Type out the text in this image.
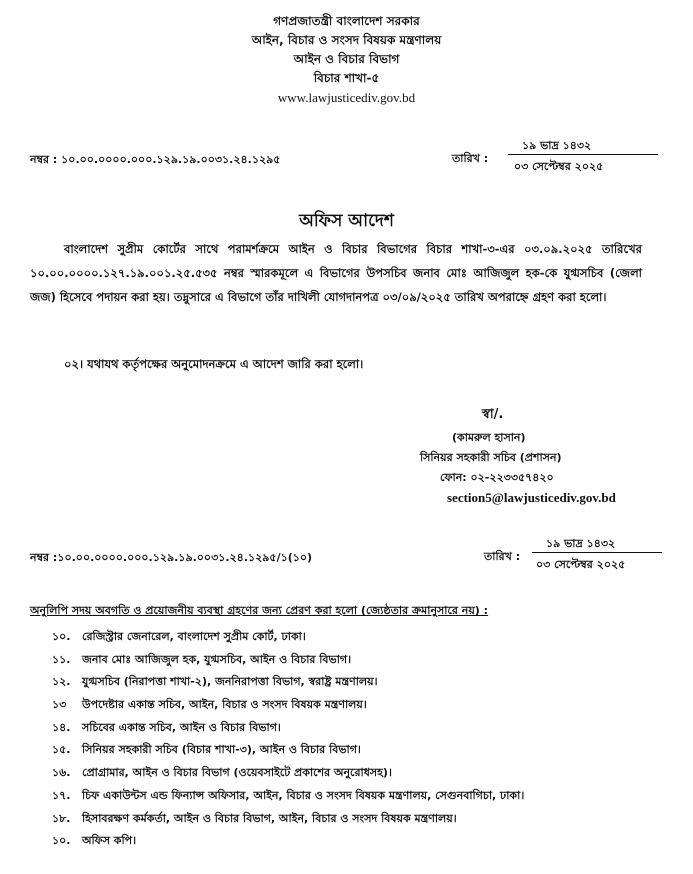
গণপ্রজাতন্ত্রী বাংলাদেশ সরকার
আইন, বিচার ও সংসদ বিষয়ক মন্ত্রণালয়
আইন ও বিচার বিভাগ
বিচার শাখা-৫
www.lawjusticediv.gov.bd
নম্বর : ১০.০০.০০০০.০০০.১২৯.১৯.০০৩১.২৪.১২৯৫	তারিখ :
১৯ ভাদ্র ১৪৩২
০৩ সেপ্টেম্বর ২০২৫
অফিস আদেশ
বাংলাদেশ সুপ্রীম কোর্টের সাথে পরামর্শক্রমে আইন ও বিচার বিভাগের বিচার শাখা-৩-এর ০৩.০৯.২০২৫ তারিখের ১০.০০.০০০০.১২৭.১৯.০০১.২৫.৫৩৫ নম্বর স্মারকমূলে এ বিভাগের উপসচিব জনাব মোঃ আজিজুল হক-কে যুগ্মসচিব (জেলা জজ) হিসেবে পদায়ন করা হয়। তদ্নুসারে এ বিভাগে তাঁর দাখিলী যোগদানপত্র ০৩/০৯/২০২৫ তারিখ অপরাহ্নে গ্রহণ করা হলো।
০২। যথাযথ কর্তৃপক্ষের অনুমোদনক্রমে এ আদেশ জারি করা হলো।
স্বা/.
(কামরুল হাসান)
সিনিয়র সহকারী সচিব (প্রশাসন)
ফোন: ০২-২২৩৩৫৭৪২০
section5@lawjusticediv.gov.bd
নম্বর :১০.০০.০০০০.০০০.১২৯.১৯.০০৩১.২৪.১২৯৫/১(১০)	তারিখ :
১৯ ভাদ্র ১৪৩২
০৩ সেপ্টেম্বর ২০২৫
অনুলিপি সদয় অবগতি ও প্রয়োজনীয় ব্যবস্থা গ্রহণের জন্য প্রেরণ করা হলো (জ্যেষ্ঠতার ক্রমানুসারে নয়) :
১০. রেজিস্ট্রার জেনারেল, বাংলাদেশ সুপ্রীম কোর্ট, ঢাকা।
১১. জনাব মোঃ আজিজুল হক, যুগ্মসচিব, আইন ও বিচার বিভাগ।
১২. যুগ্মসচিব (নিরাপত্তা শাখা-২), জননিরাপত্তা বিভাগ, স্বরাষ্ট্র মন্ত্রণালয়।
১৩ উপদেষ্টার একান্ত সচিব, আইন, বিচার ও সংসদ বিষয়ক মন্ত্রণালয়।
১৪. সচিবের একান্ত সচিব, আইন ও বিচার বিভাগ।
১৫. সিনিয়র সহকারী সচিব (বিচার শাখা-৩), আইন ও বিচার বিভাগ।
১৬. প্রোগ্রামার, আইন ও বিচার বিভাগ (ওয়েবসাইটে প্রকাশের অনুরোধসহ)।
১৭. চিফ একাউন্টস এন্ড ফিন্যান্স অফিসার, আইন, বিচার ও সংসদ বিষয়ক মন্ত্রণালয়, সেগুনবাগিচা, ঢাকা।
১৮. হিসাবরক্ষণ কর্মকর্তা, আইন ও বিচার বিভাগ, আইন, বিচার ও সংসদ বিষয়ক মন্ত্রণালয়।
১০. অফিস কপি।
